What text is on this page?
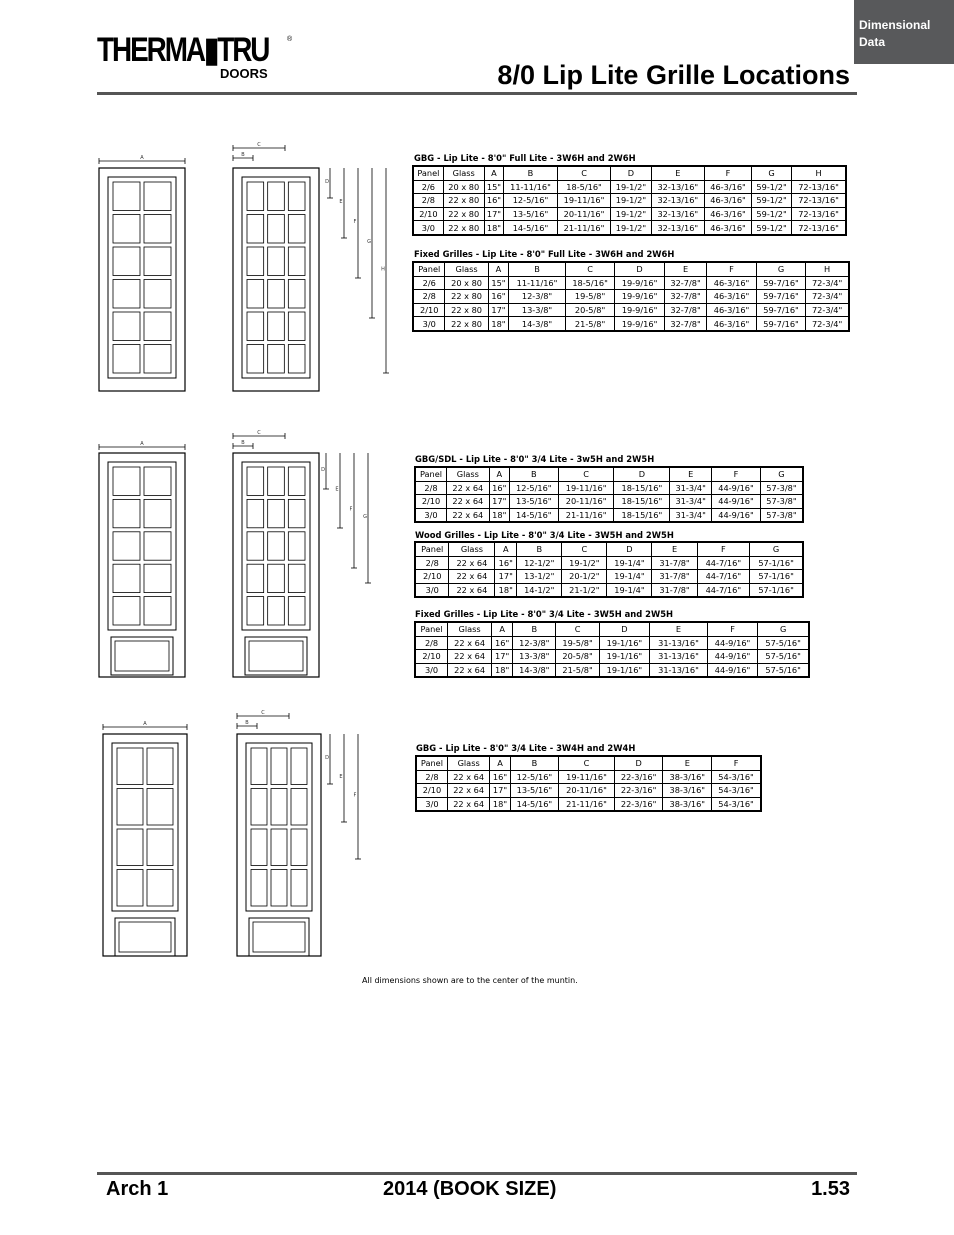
Dimensional
Data
THERMA▮TRU	®
DOORS	8/0 Lip Lite Grille Locations
A
C
B
D
E
F
G
H
A
C
B
D
E
F
G
A
C
B
D
E
F
GBG - Lip Lite - 8'0" Full Lite - 3W6H and 2W6H
Fixed Grilles - Lip Lite - 8'0" Full Lite - 3W6H and 2W6H
GBG/SDL - Lip Lite - 8'0" 3/4 Lite - 3w5H and 2W5H
Wood Grilles - Lip Lite - 8'0" 3/4 Lite - 3W5H and 2W5H
Fixed Grilles - Lip Lite - 8'0" 3/4 Lite - 3W5H and 2W5H
GBG - Lip Lite - 8'0" 3/4 Lite - 3W4H and 2W4H
Panel	Glass	A	B	C	D	E	F	G	H
2/6	20 x 80	15"	11-11/16"	18-5/16"	19-1/2"	32-13/16"	46-3/16"	59-1/2"	72-13/16"
2/8	22 x 80	16"	12-5/16"	19-11/16"	19-1/2"	32-13/16"	46-3/16"	59-1/2"	72-13/16"
2/10	22 x 80	17"	13-5/16"	20-11/16"	19-1/2"	32-13/16"	46-3/16"	59-1/2"	72-13/16"
3/0	22 x 80	18"	14-5/16"	21-11/16"	19-1/2"	32-13/16"	46-3/16"	59-1/2"	72-13/16"
Panel	Glass	A	B	C	D	E	F	G	H
2/6	20 x 80	15"	11-11/16"	18-5/16"	19-9/16"	32-7/8"	46-3/16"	59-7/16"	72-3/4"
2/8	22 x 80	16"	12-3/8"	19-5/8"	19-9/16"	32-7/8"	46-3/16"	59-7/16"	72-3/4"
2/10	22 x 80	17"	13-3/8"	20-5/8"	19-9/16"	32-7/8"	46-3/16"	59-7/16"	72-3/4"
3/0	22 x 80	18"	14-3/8"	21-5/8"	19-9/16"	32-7/8"	46-3/16"	59-7/16"	72-3/4"
Panel	Glass	A	B	C	D	E	F	G
2/8	22 x 64	16"	12-5/16"	19-11/16"	18-15/16"	31-3/4"	44-9/16"	57-3/8"
2/10	22 x 64	17"	13-5/16"	20-11/16"	18-15/16"	31-3/4"	44-9/16"	57-3/8"
3/0	22 x 64	18"	14-5/16"	21-11/16"	18-15/16"	31-3/4"	44-9/16"	57-3/8"
Panel	Glass	A	B	C	D	E	F	G
2/8	22 x 64	16"	12-1/2"	19-1/2"	19-1/4"	31-7/8"	44-7/16"	57-1/16"
2/10	22 x 64	17"	13-1/2"	20-1/2"	19-1/4"	31-7/8"	44-7/16"	57-1/16"
3/0	22 x 64	18"	14-1/2"	21-1/2"	19-1/4"	31-7/8"	44-7/16"	57-1/16"
Panel	Glass	A	B	C	D	E	F	G
2/8	22 x 64	16"	12-3/8"	19-5/8"	19-1/16"	31-13/16"	44-9/16"	57-5/16"
2/10	22 x 64	17"	13-3/8"	20-5/8"	19-1/16"	31-13/16"	44-9/16"	57-5/16"
3/0	22 x 64	18"	14-3/8"	21-5/8"	19-1/16"	31-13/16"	44-9/16"	57-5/16"
Panel	Glass	A	B	C	D	E	F
2/8	22 x 64	16"	12-5/16"	19-11/16"	22-3/16"	38-3/16"	54-3/16"
2/10	22 x 64	17"	13-5/16"	20-11/16"	22-3/16"	38-3/16"	54-3/16"
3/0	22 x 64	18"	14-5/16"	21-11/16"	22-3/16"	38-3/16"	54-3/16"
All dimensions shown are to the center of the muntin.
Arch 1	2014 (BOOK SIZE)	1.53
